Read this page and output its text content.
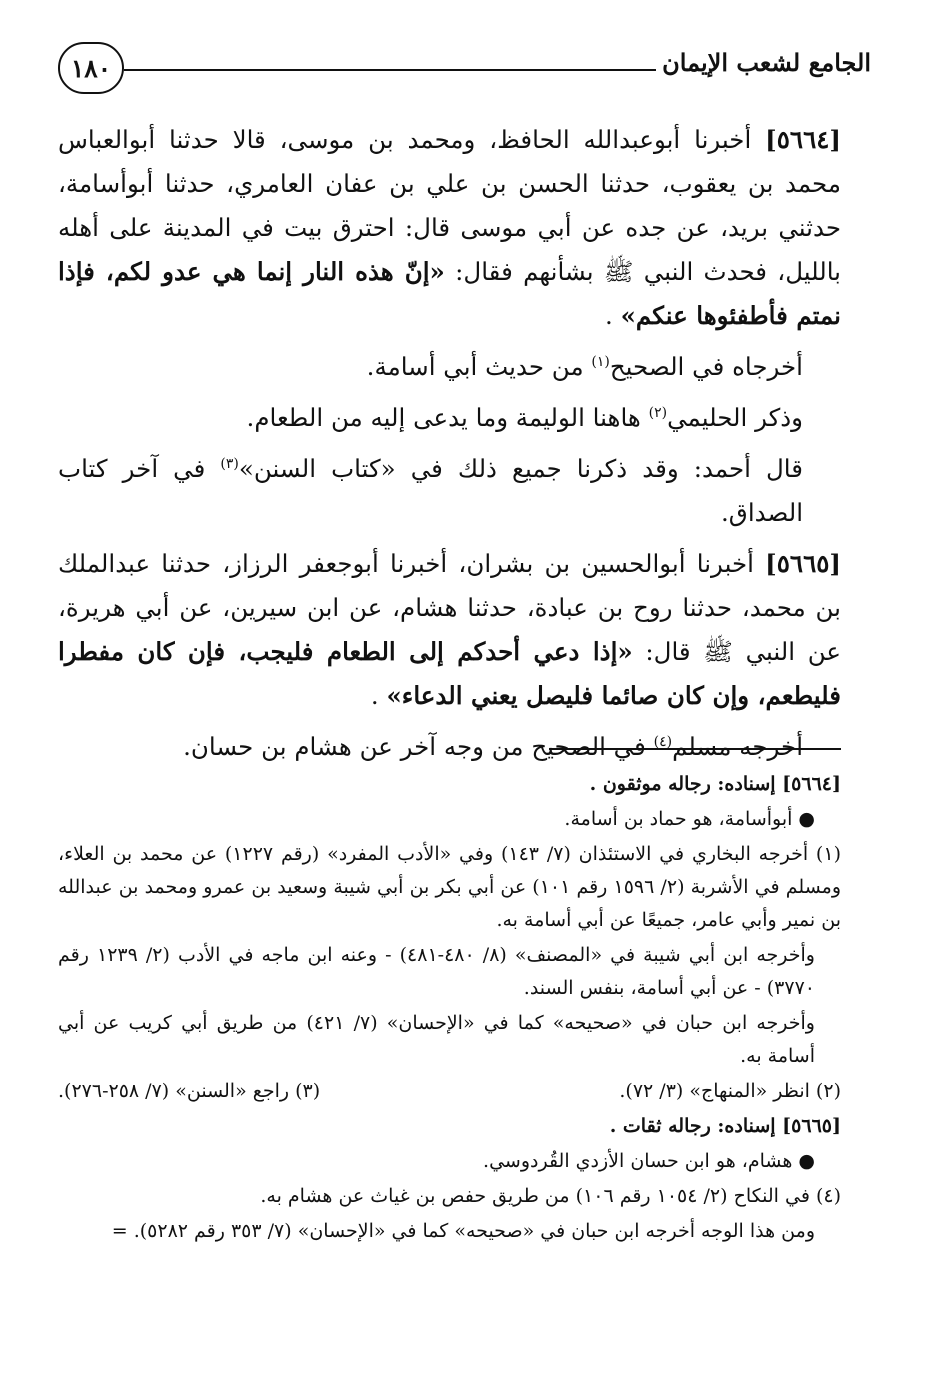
الجامع لشعب الإيمان
١٨٠

[٥٦٦٤] أخبرنا أبوعبدالله الحافظ، ومحمد بن موسى، قالا حدثنا أبوالعباس محمد بن يعقوب، حدثنا الحسن بن علي بن عفان العامري، حدثنا أبوأسامة، حدثني بريد، عن جده عن أبي موسى قال: احترق بيت في المدينة على أهله بالليل، فحدث النبي ﷺ بشأنهم فقال: «إنّ هذه النار إنما هي عدو لكم، فإذا نمتم فأطفئوها عنكم» .

أخرجاه في الصحيح$^{(١)}$ من حديث أبي أسامة.

وذكر الحليمي$^{(٢)}$ هاهنا الوليمة وما يدعى إليه من الطعام.

قال أحمد: وقد ذكرنا جميع ذلك في «كتاب السنن»$^{(٣)}$ في آخر كتاب الصداق.

[٥٦٦٥] أخبرنا أبوالحسين بن بشران، أخبرنا أبوجعفر الرزاز، حدثنا عبدالملك بن محمد، حدثنا روح بن عبادة، حدثنا هشام، عن ابن سيرين، عن أبي هريرة، عن النبي ﷺ قال: «إذا دعي أحدكم إلى الطعام فليجب، فإن كان مفطرا فليطعم، وإن كان صائما فليصل يعني الدعاء» .

أخرجه مسلم$^{(٤)}$ في الصحيح من وجه آخر عن هشام بن حسان.

[٥٦٦٤] إسناده: رجاله موثقون .
●أبوأسامة، هو حماد بن أسامة.
(١) أخرجه البخاري في الاستئذان (٧/ ١٤٣) وفي «الأدب المفرد» (رقم ١٢٢٧) عن محمد بن العلاء، ومسلم في الأشربة (٢/ ١٥٩٦ رقم ١٠١) عن أبي بكر بن أبي شيبة وسعيد بن عمرو ومحمد بن عبدالله بن نمير وأبي عامر، جميعًا عن أبي أسامة به.
وأخرجه ابن أبي شيبة في «المصنف» (٨/ ٤٨٠-٤٨١) - وعنه ابن ماجه في الأدب (٢/ ١٢٣٩ رقم ٣٧٧٠) - عن أبي أسامة، بنفس السند.
وأخرجه ابن حبان في «صحيحه» كما في «الإحسان» (٧/ ٤٢١) من طريق أبي كريب عن أبي أسامة به.
(٢) انظر «المنهاج» (٣/ ٧٢).
(٣) راجع «السنن» (٧/ ٢٥٨-٢٧٦).
[٥٦٦٥] إسناده: رجاله ثقات .
●هشام، هو ابن حسان الأزدي القُردوسي.
(٤) في النكاح (٢/ ١٠٥٤ رقم ١٠٦) من طريق حفص بن غياث عن هشام به.
ومن هذا الوجه أخرجه ابن حبان في «صحيحه» كما في «الإحسان» (٧/ ٣٥٣ رقم ٥٢٨٢). =
